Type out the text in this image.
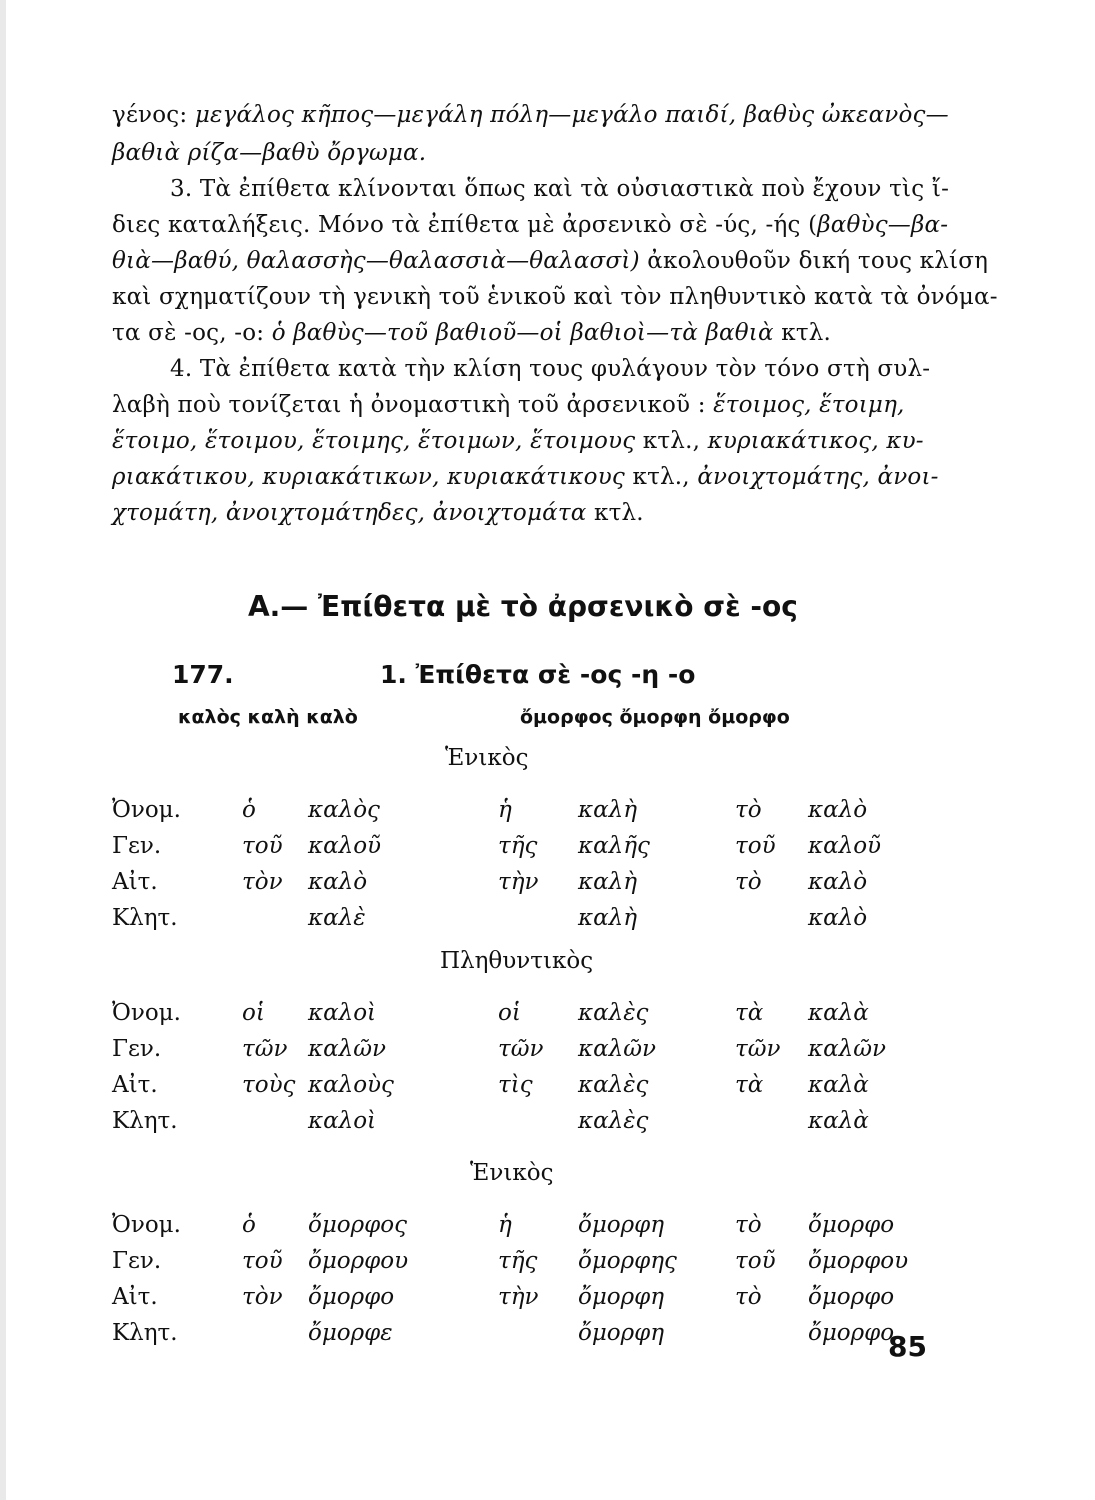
γένος: μεγάλος κῆπος—μεγάλη πόλη—μεγάλο παιδί, βαθὺς ὠκεανὸς—
βαθιὰ ρίζα—βαθὺ ὄργωμα.
3. Τὰ ἐπίθετα κλίνονται ὅπως καὶ τὰ οὐσιαστικὰ ποὺ ἔχουν τὶς ἴ-
διες καταλήξεις. Μόνο τὰ ἐπίθετα μὲ ἀρσενικὸ σὲ -ύς, -ής (βαθὺς—βα-
θιὰ—βαθύ, θαλασσὴς—θαλασσιὰ—θαλασσὶ) ἀκολουθοῦν δική τους κλίση
καὶ σχηματίζουν τὴ γενικὴ τοῦ ἑνικοῦ καὶ τὸν πληθυντικὸ κατὰ τὰ ὀνόμα-
τα σὲ -ος, -ο: ὁ βαθὺς—τοῦ βαθιοῦ—οἱ βαθιοὶ—τὰ βαθιὰ κτλ.
4. Τὰ ἐπίθετα κατὰ τὴν κλίση τους φυλάγουν τὸν τόνο στὴ συλ-
λαβὴ ποὺ τονίζεται ἡ ὀνομαστικὴ τοῦ ἀρσενικοῦ : ἕτοιμος, ἕτοιμη,
ἕτοιμο, ἕτοιμου, ἕτοιμης, ἕτοιμων, ἕτοιμους κτλ., κυριακάτικος, κυ-
ριακάτικου, κυριακάτικων, κυριακάτικους κτλ., ἀνοιχτομάτης, ἀνοι-
χτομάτη, ἀνοιχτομάτηδες, ἀνοιχτομάτα κτλ.
Α.— Ἐπίθετα μὲ τὸ ἀρσενικὸ σὲ -ος
177.	1. Ἐπίθετα σὲ -ος -η -ο
καλὸς καλὴ καλὸ	ὄμορφος ὄμορφη ὄμορφο
Ἑνικὸς
Ὀνομ.	ὁ καλὸς	ἡ	καλὴ	τὸ καλὸ
Γεν.	τοῦ καλοῦ	τῆς καλῆς	τοῦ καλοῦ
Αἰτ.	τὸν καλὸ	τὴν καλὴ	τὸ καλὸ
Κλητ.	καλὲ	καλὴ	καλὸ
Πληθυντικὸς
Ὀνομ.	οἱ καλοὶ	οἱ καλὲς	τὰ καλὰ
Γεν.	τῶν καλῶν	τῶν καλῶν	τῶν καλῶν
Αἰτ.	τοὺς καλοὺς	τὶς καλὲς	τὰ καλὰ
Κλητ.	καλοὶ	καλὲς	καλὰ
Ἑνικὸς
Ὀνομ.	ὁ ὄμορφος	ἡ	ὄμορφη	τὸ ὄμορφο
Γεν.	τοῦ ὄμορφου	τῆς ὄμορφης	τοῦ ὄμορφου
Αἰτ.	τὸν ὄμορφο	τὴν ὄμορφη	τὸ ὄμορφο
Κλητ.	ὄμορφε	ὄμορφη	ὄμορφο
85
